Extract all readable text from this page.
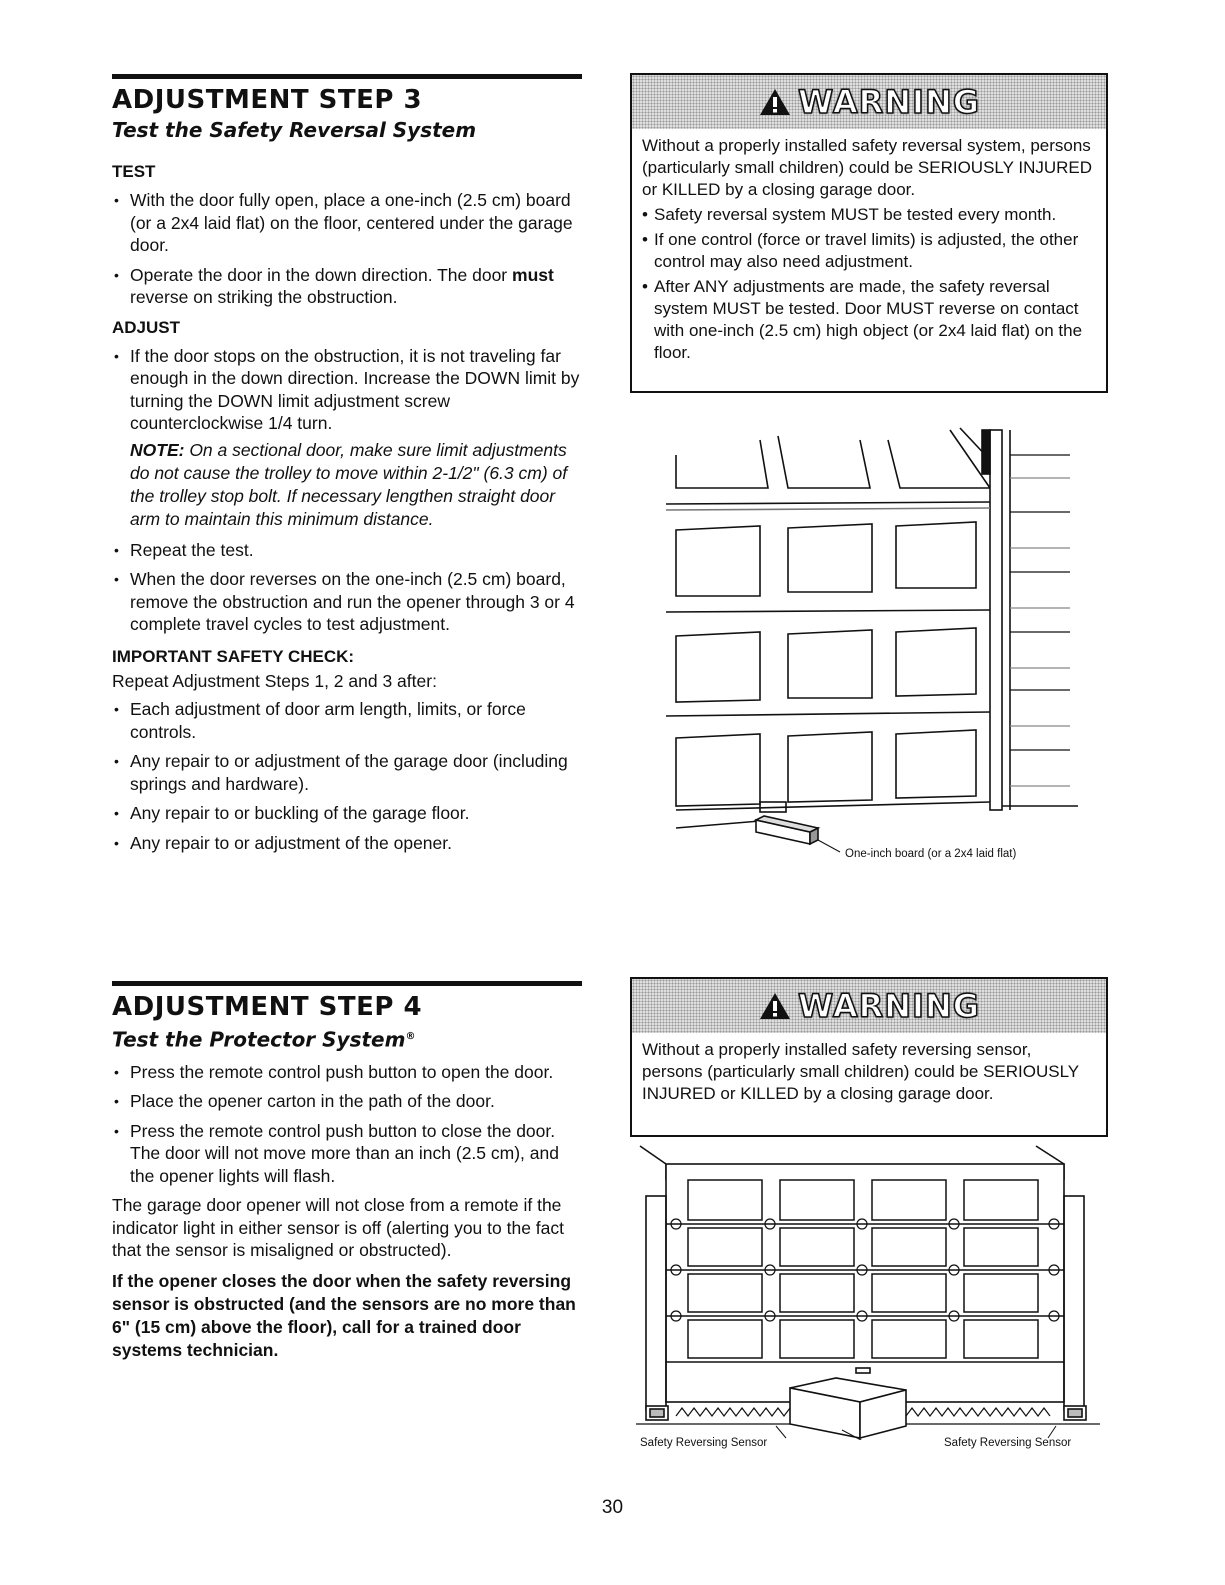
ADJUSTMENT STEP 3
Test the Safety Reversal System

TEST

• With the door fully open, place a one-inch (2.5 cm) board (or a 2x4 laid flat) on the floor, centered under the garage door.
• Operate the door in the down direction. The door must reverse on striking the obstruction.

ADJUST

• If the door stops on the obstruction, it is not traveling far enough in the down direction. Increase the DOWN limit by turning the DOWN limit adjustment screw counterclockwise 1/4 turn.

NOTE: On a sectional door, make sure limit adjustments do not cause the trolley to move within 2-1/2" (6.3 cm) of the trolley stop bolt. If necessary lengthen straight door arm to maintain this minimum distance.

• Repeat the test.
• When the door reverses on the one-inch (2.5 cm) board, remove the obstruction and run the opener through 3 or 4 complete travel cycles to test adjustment.

IMPORTANT SAFETY CHECK:

Repeat Adjustment Steps 1, 2 and 3 after:

• Each adjustment of door arm length, limits, or force controls.
• Any repair to or adjustment of the garage door (including springs and hardware).
• Any repair to or buckling of the garage floor.
• Any repair to or adjustment of the opener.
WARNING

Without a properly installed safety reversal system, persons (particularly small children) could be SERIOUSLY INJURED or KILLED by a closing garage door.

• Safety reversal system MUST be tested every month.
• If one control (force or travel limits) is adjusted, the other control may also need adjustment.
• After ANY adjustments are made, the safety reversal system MUST be tested. Door MUST reverse on contact with one-inch (2.5 cm) high object (or 2x4 laid flat) on the floor.
One-inch board (or a 2x4 laid flat)
ADJUSTMENT STEP 4
Test the Protector System®
• Press the remote control push button to open the door.
• Place the opener carton in the path of the door.
• Press the remote control push button to close the door. The door will not move more than an inch (2.5 cm), and the opener lights will flash.

The garage door opener will not close from a remote if the indicator light in either sensor is off (alerting you to the fact that the sensor is misaligned or obstructed).

If the opener closes the door when the safety reversing sensor is obstructed (and the sensors are no more than 6" (15 cm) above the floor), call for a trained door systems technician.

WARNING

Without a properly installed safety reversing sensor, persons (particularly small children) could be SERIOUSLY INJURED or KILLED by a closing garage door.

Safety Reversing Sensor	Safety Reversing Sensor
30
